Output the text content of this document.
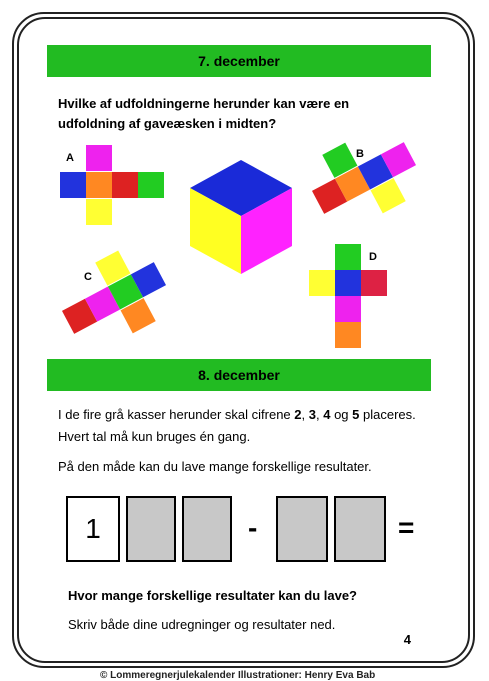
7. december
Hvilke af udfoldningerne herunder kan være en
udfoldning af gaveæsken i midten?
A	B
C
D
8. december
I de fire grå kasser herunder skal cifrene 2, 3, 4 og 5 placeres.
Hvert tal må kun bruges én gang.
På den måde kan du lave mange forskellige resultater.
1	-	=
Hvor mange forskellige resultater kan du lave?
Skriv både dine udregninger og resultater ned.
4
© Lommeregnerjulekalender Illustrationer: Henry Eva Bab
